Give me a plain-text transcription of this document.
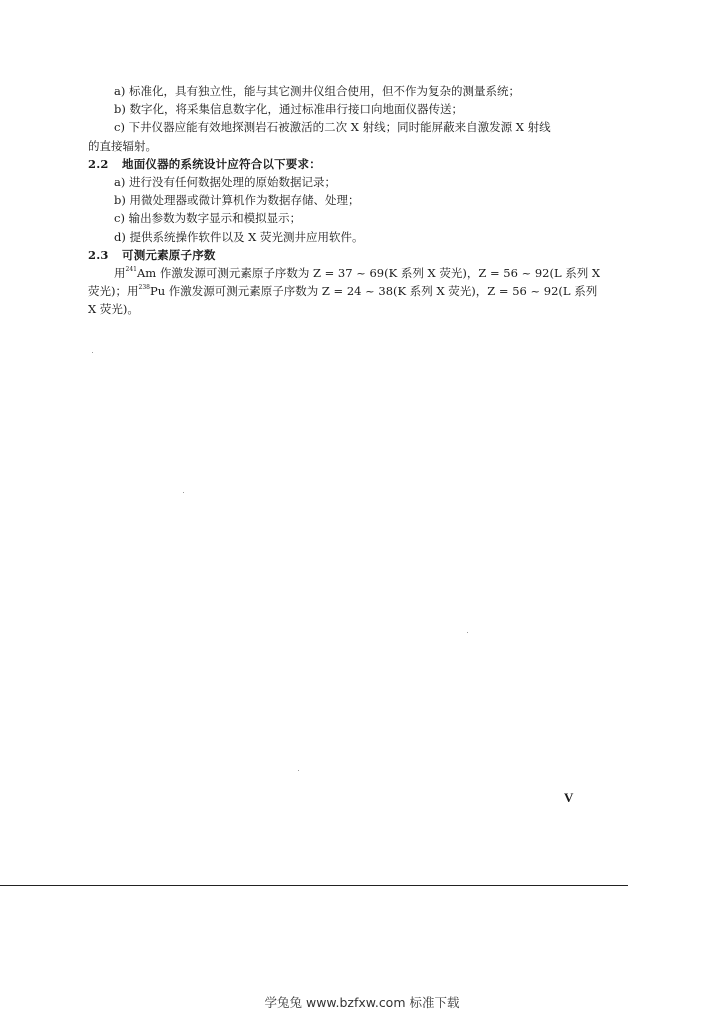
a) 标准化，具有独立性，能与其它测井仪组合使用，但不作为复杂的测量系统；
b) 数字化，将采集信息数字化，通过标准串行接口向地面仪器传送；
c) 下井仪器应能有效地探测岩石被激活的二次 X 射线；同时能屏蔽来自激发源 X 射线
的直接辐射。
2.2 地面仪器的系统设计应符合以下要求：
a) 进行没有任何数据处理的原始数据记录；
b) 用微处理器或微计算机作为数据存储、处理；
c) 输出参数为数字显示和模拟显示；
d) 提供系统操作软件以及 X 荧光测井应用软件。
2.3 可测元素原子序数
用$^{241}$Am 作激发源可测元素原子序数为 Z = 37 ~ 69(K 系列 X 荧光)，Z = 56 ~ 92(L 系列 X
荧光)；用$^{238}$Pu 作激发源可测元素原子序数为 Z = 24 ~ 38(K 系列 X 荧光)，Z = 56 ~ 92(L 系列
X 荧光)。
V
学兔兔 www.bzfxw.com 标准下载
